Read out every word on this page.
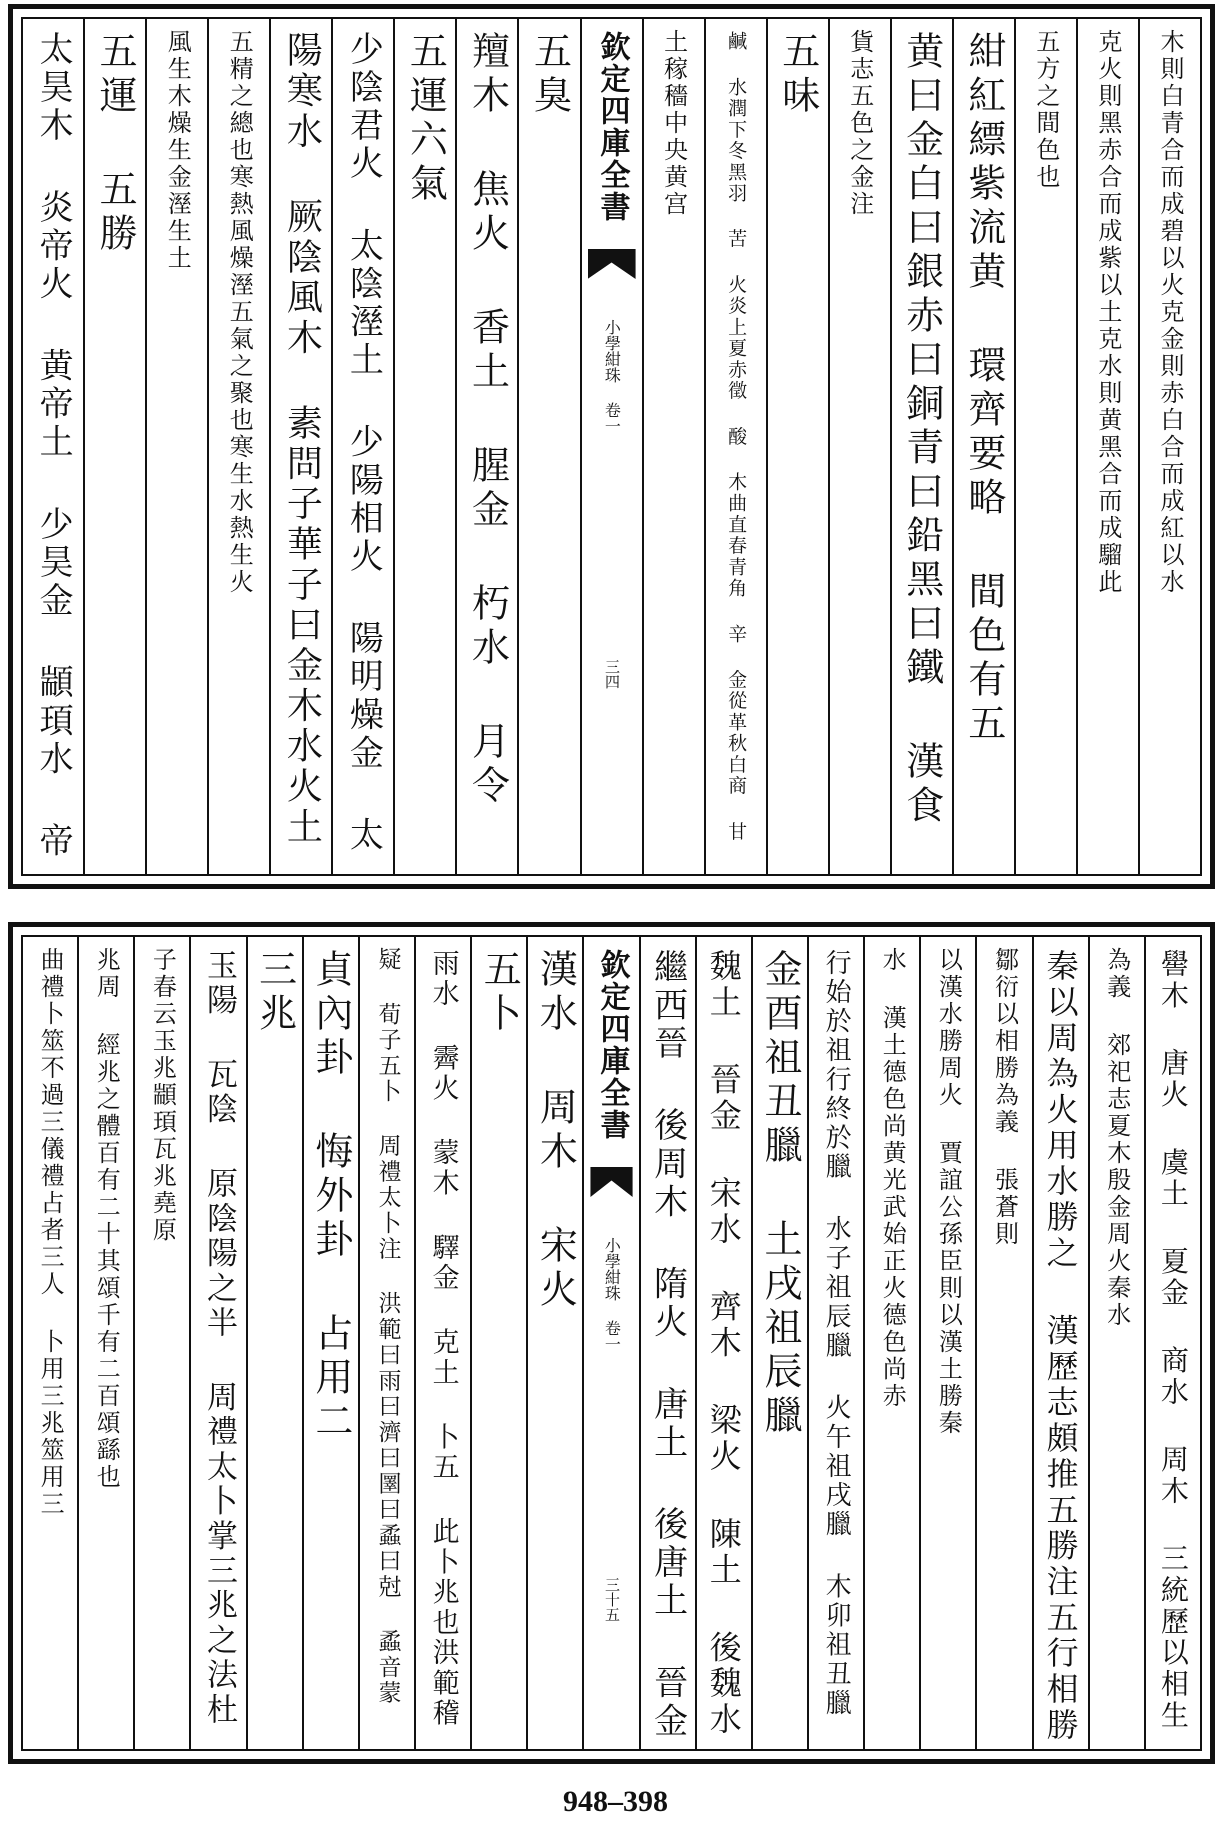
木則白青合而成碧以火克金則赤白合而成紅以水
克火則黑赤合而成紫以土克水則黄黑合而成騮此
五方之間色也
紺紅縹紫流黄 環齊要略 間色有五
黄曰金白曰銀赤曰銅青曰鉛黑曰鐵 漢食
貨志五色之金注
五味
鹹 水潤下冬黑羽 苦 火炎上夏赤徵 酸 木曲直春青角 辛 金從革秋白商 甘
土稼穡中央黄宫
欽定四庫全書
小學紺珠 卷一
三四
五臭
羶木 焦火 香土 腥金 朽水 月令
五運六氣
少陰君火 太陰溼土 少陽相火 陽明燥金 太
陽寒水 厥陰風木 素問子華子曰金木水火土
五精之總也寒熱風燥溼五氣之聚也寒生水熱生火
風生木燥生金溼生土
五運 五勝
太昊木 炎帝火 黄帝土 少昊金 顓頊水 帝
嚳木 唐火 虞土 夏金 商水 周木 三統歷以相生
為義 郊祀志夏木殷金周火秦水
秦以周為火用水勝之 漢歷志頗推五勝注五行相勝
鄒衍以相勝為義 張蒼則
以漢水勝周火 賈誼公孫臣則以漢土勝秦
水 漢土德色尚黄光武始正火德色尚赤
行始於祖行終於臘 水子祖辰臘 火午祖戌臘 木卯祖丑臘
金酉祖丑臘 土戌祖辰臘
魏土 晉金 宋水 齊木 梁火 陳土 後魏水
繼西晉 後周木 隋火 唐土 後唐土 晉金
欽定四庫全書
小學紺珠 卷一
三十五
漢水 周木 宋火
五卜
雨水 霽火 蒙木 驛金 克土 卜五 此卜兆也洪範稽
疑 荀子五卜 周禮太卜注 洪範曰雨曰濟曰圛曰蟊曰尅 蟊音蒙
貞內卦 悔外卦 占用二
三兆
玉陽 瓦陰 原陰陽之半 周禮太卜掌三兆之法杜
子春云玉兆顓頊瓦兆堯原
兆周 經兆之體百有二十其頌千有二百頌繇也
曲禮卜筮不過三儀禮占者三人 卜用三兆筮用三
948–398
